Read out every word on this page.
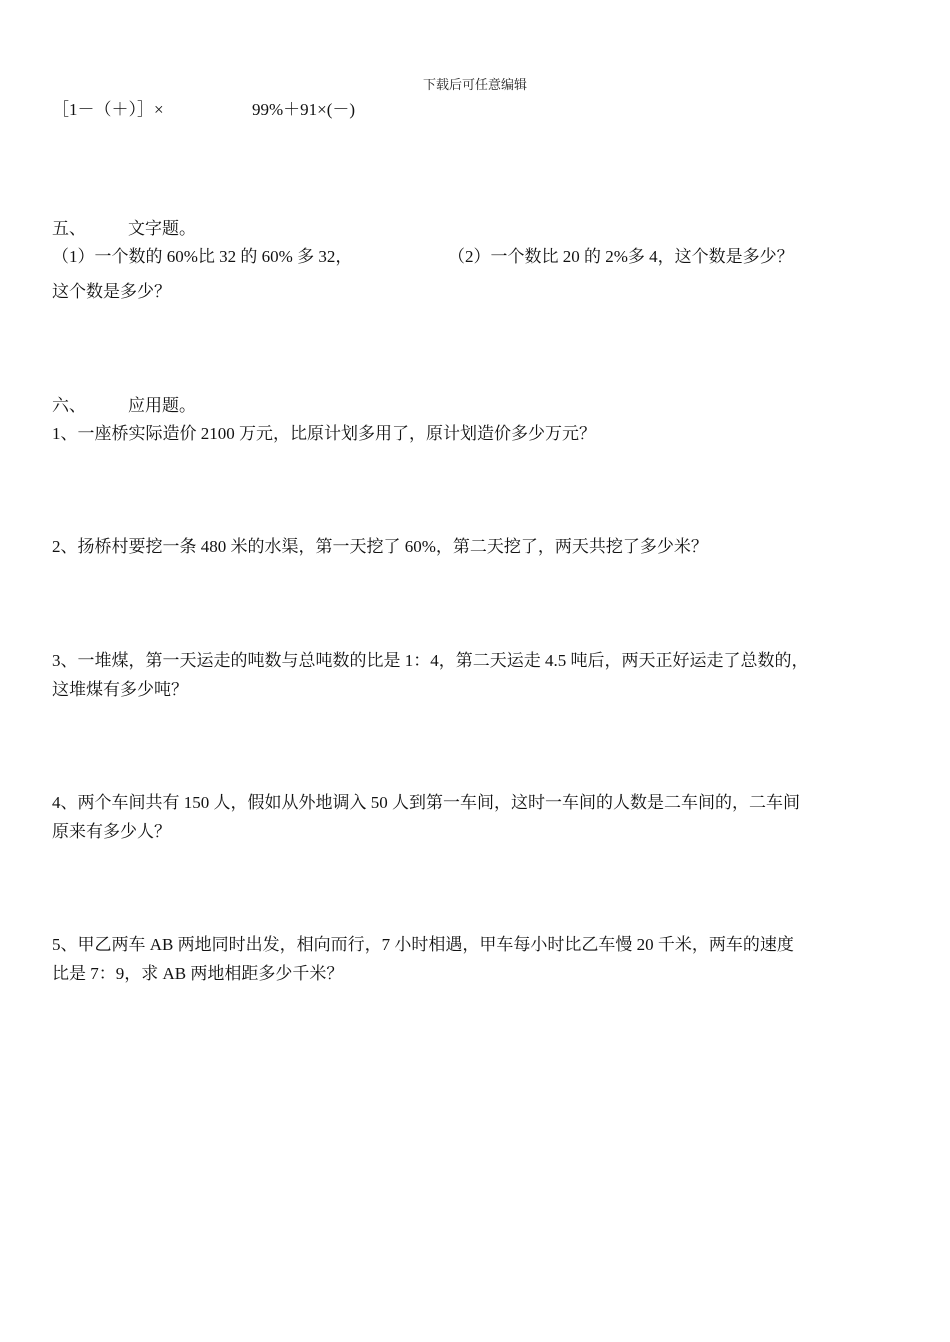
下载后可任意编辑
［1－（＋）］×	99%＋91×(－)
五、 文字题。
（1）一个数的 60%比 32 的 60% 多 32，	（2）一个数比 20 的 2%多 4，这个数是多少？
这个数是多少？
六、 应用题。
1、一座桥实际造价 2100 万元，比原计划多用了，原计划造价多少万元？
2、扬桥村要挖一条 480 米的水渠，第一天挖了 60%，第二天挖了，两天共挖了多少米？
3、一堆煤，第一天运走的吨数与总吨数的比是 1：4，第二天运走 4.5 吨后，两天正好运走了总数的，
这堆煤有多少吨？
4、两个车间共有 150 人，假如从外地调入 50 人到第一车间，这时一车间的人数是二车间的，二车间
原来有多少人？
5、甲乙两车 AB 两地同时出发，相向而行，7 小时相遇，甲车每小时比乙车慢 20 千米，两车的速度
比是 7：9，求 AB 两地相距多少千米？
